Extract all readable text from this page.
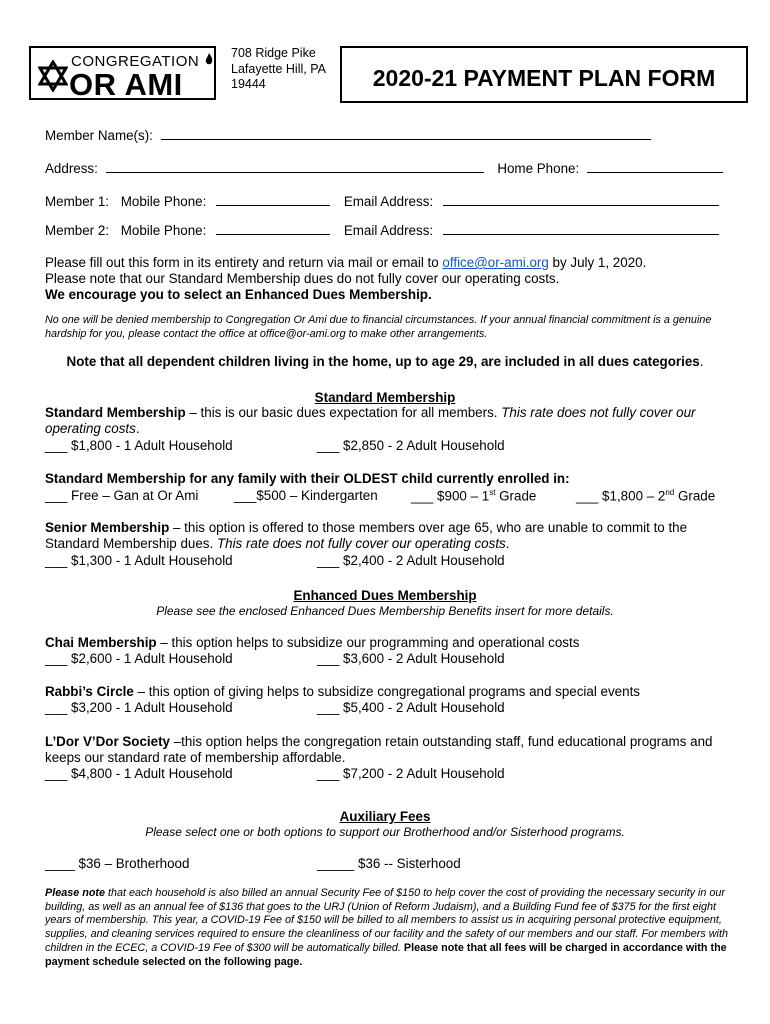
CONGREGATION
OR AMI
708 Ridge Pike
Lafayette Hill, PA
19444	2020-21 PAYMENT PLAN FORM
Member Name(s):
Address:	Home Phone:
Member 1: Mobile Phone:	Email Address:
Member 2: Mobile Phone:	Email Address:
Please fill out this form in its entirety and return via mail or email to office@or-ami.org by July 1, 2020.
Please note that our Standard Membership dues do not fully cover our operating costs.
We encourage you to select an Enhanced Dues Membership.
No one will be denied membership to Congregation Or Ami due to financial circumstances. If your annual financial commitment is a genuine hardship for you, please contact the office at office@or-ami.org to make other arrangements.
Note that all dependent children living in the home, up to age 29, are included in all dues categories.
Standard Membership
Standard Membership – this is our basic dues expectation for all members. This rate does not fully cover our operating costs.
___ $1,800 - 1 Adult Household	___ $2,850 - 2 Adult Household
Standard Membership for any family with their OLDEST child currently enrolled in:
___ Free – Gan at Or Ami	___$500 – Kindergarten ___ $900 – 1st Grade	___ $1,800 – 2nd Grade
Senior Membership – this option is offered to those members over age 65, who are unable to commit to the Standard Membership dues. This rate does not fully cover our operating costs.
___ $1,300 - 1 Adult Household	___ $2,400 - 2 Adult Household
Enhanced Dues Membership
Please see the enclosed Enhanced Dues Membership Benefits insert for more details.
Chai Membership – this option helps to subsidize our programming and operational costs
___ $2,600 - 1 Adult Household	___ $3,600 - 2 Adult Household
Rabbi’s Circle – this option of giving helps to subsidize congregational programs and special events
___ $3,200 - 1 Adult Household	___ $5,400 - 2 Adult Household
L’Dor V’Dor Society –this option helps the congregation retain outstanding staff, fund educational programs and keeps our standard rate of membership affordable.
___ $4,800 - 1 Adult Household	___ $7,200 - 2 Adult Household
Auxiliary Fees
Please select one or both options to support our Brotherhood and/or Sisterhood programs.
____ $36 – Brotherhood	_____ $36 -- Sisterhood
Please note that each household is also billed an annual Security Fee of $150 to help cover the cost of providing the necessary security in our building, as well as an annual fee of $136 that goes to the URJ (Union of Reform Judaism), and a Building Fund fee of $375 for the first eight years of membership. This year, a COVID-19 Fee of $150 will be billed to all members to assist us in acquiring personal protective equipment, supplies, and cleaning services required to ensure the cleanliness of our facility and the safety of our members and our staff. For members with children in the ECEC, a COVID-19 Fee of $300 will be automatically billed. Please note that all fees will be charged in accordance with the payment schedule selected on the following page.
